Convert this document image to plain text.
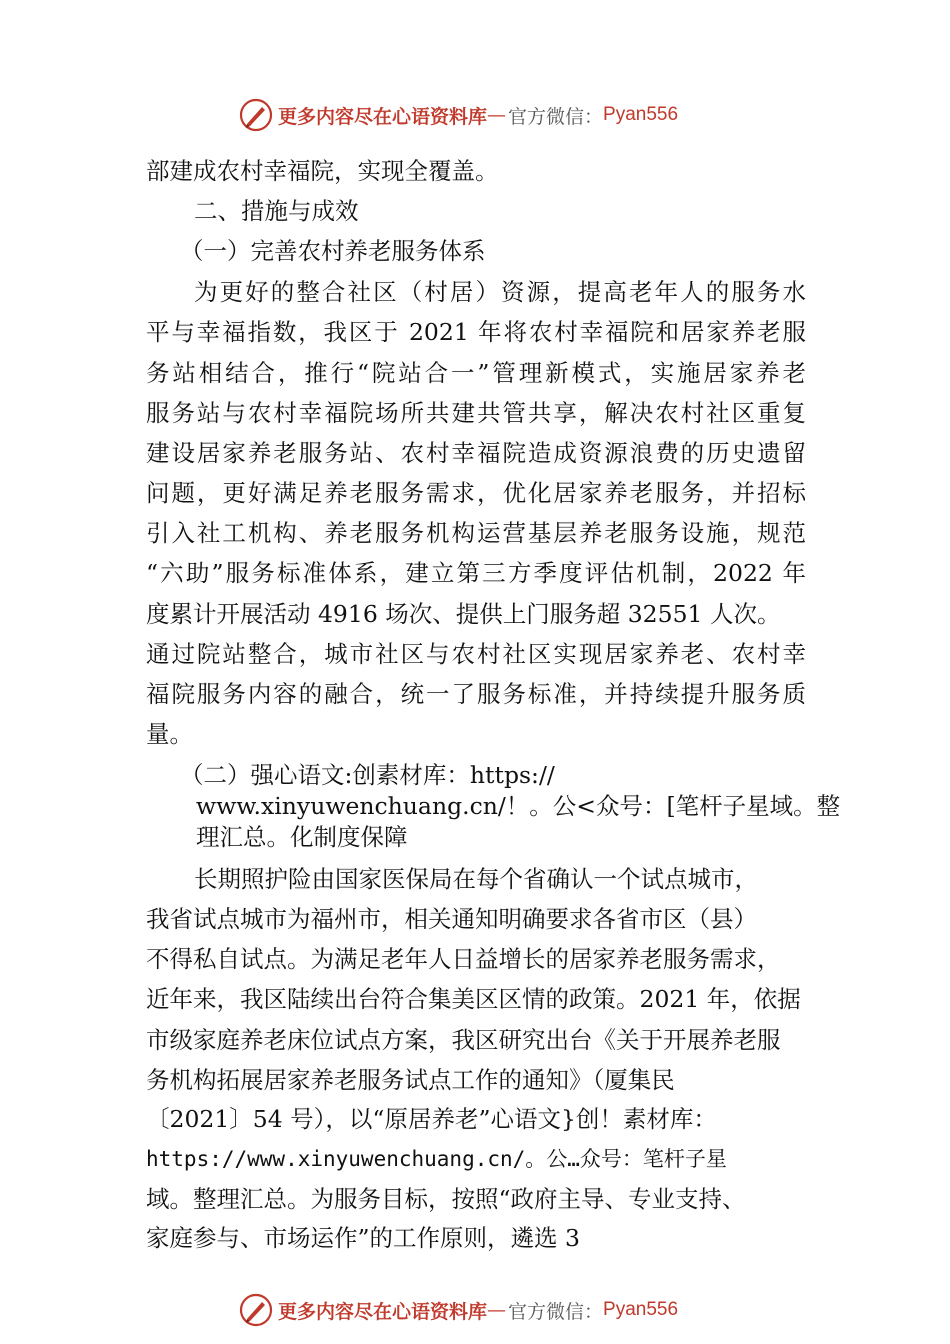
更多内容尽在心语资料库 — 官方微信： Pyan556

部建成农村幸福院，实现全覆盖。

二、措施与成效

（一）完善农村养老服务体系

为更好的整合社区（村居）资源，提高老年人的服务水

平与幸福指数，我区于 2021 年将农村幸福院和居家养老服

务站相结合，推行“院站合一”管理新模式，实施居家养老

服务站与农村幸福院场所共建共管共享，解决农村社区重复

建设居家养老服务站、农村幸福院造成资源浪费的历史遗留

问题，更好满足养老服务需求，优化居家养老服务，并招标

引入社工机构、养老服务机构运营基层养老服务设施，规范

“六助”服务标准体系，建立第三方季度评估机制，2022 年

度累计开展活动 4916 场次、提供上门服务超 32551 人次。

通过院站整合，城市社区与农村社区实现居家养老、农村幸

福院服务内容的融合，统一了服务标准，并持续提升服务质

量。

（二）强心语文:创素材库：https://

www.xinyuwenchuang.cn/！。公<众号：[笔杆子星域。整

理汇总。化制度保障

长期照护险由国家医保局在每个省确认一个试点城市，

我省试点城市为福州市，相关通知明确要求各省市区（县）

不得私自试点。为满足老年人日益增长的居家养老服务需求，

近年来，我区陆续出台符合集美区区情的政策。2021 年，依据

市级家庭养老床位试点方案，我区研究出台《关于开展养老服

务机构拓展居家养老服务试点工作的通知》（厦集民

〔2021〕54 号），以“原居养老”心语文}创！素材库：

https://www.xinyuwenchuang.cn/。公…众号：笔杆子星

域。整理汇总。为服务目标，按照“政府主导、专业支持、

家庭参与、市场运作”的工作原则，遴选 3

更多内容尽在心语资料库 — 官方微信： Pyan556
